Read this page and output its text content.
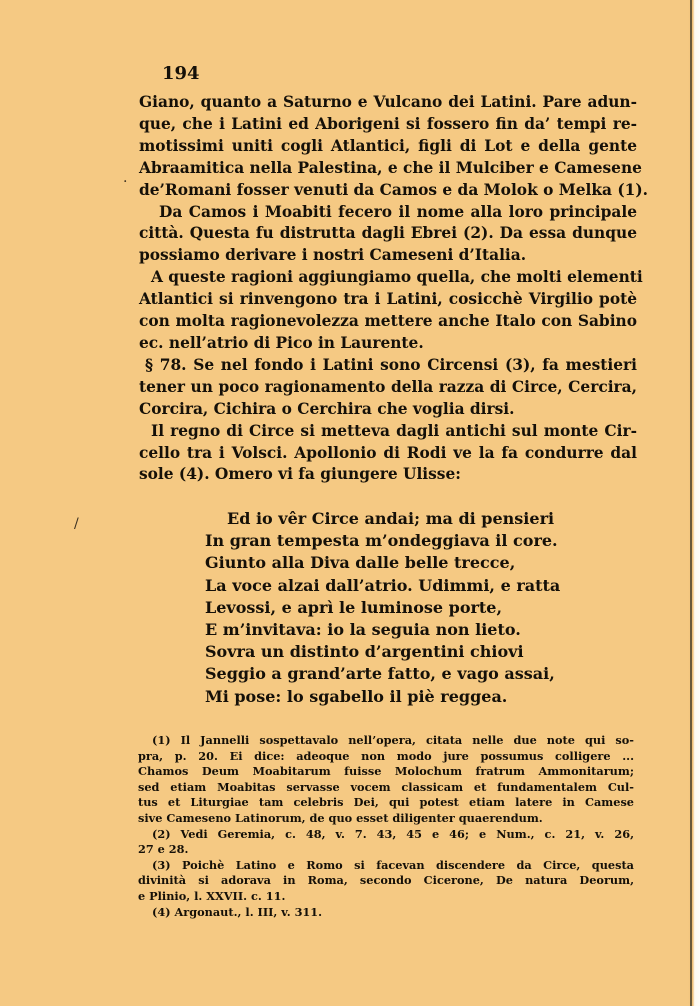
/
.
194
Giano, quanto a Saturno e Vulcano dei Latini. Pare adun-
que, che i Latini ed Aborigeni si fossero fin da’ tempi re-
motissimi uniti cogli Atlantici, figli di Lot e della gente
Abraamitica nella Palestina, e che il Mulciber e Camesene
de’Romani fosser venuti da Camos e da Molok o Melka (1).
Da Camos i Moabiti fecero il nome alla loro principale
città. Questa fu distrutta dagli Ebrei (2). Da essa dunque
possiamo derivare i nostri Cameseni d’Italia.
A queste ragioni aggiungiamo quella, che molti elementi
Atlantici si rinvengono tra i Latini, cosicchè Virgilio potè
con molta ragionevolezza mettere anche Italo con Sabino
ec. nell’atrio di Pico in Laurente.
§ 78. Se nel fondo i Latini sono Circensi (3), fa mestieri
tener un poco ragionamento della razza di Circe, Cercira,
Corcira, Cichira o Cerchira che voglia dirsi.
Il regno di Circe si metteva dagli antichi sul monte Cir-
cello tra i Volsci. Apollonio di Rodi ve la fa condurre dal
sole (4). Omero vi fa giungere Ulisse:
Ed io vêr Circe andai; ma di pensieri
In gran tempesta m’ondeggiava il core.
Giunto alla Diva dalle belle trecce,
La voce alzai dall’atrio. Udimmi, e ratta
Levossi, e aprì le luminose porte,
E m’invitava: io la seguia non lieto.
Sovra un distinto d’argentini chiovi
Seggio a grand’arte fatto, e vago assai,
Mi pose: lo sgabello il piè reggea.
(1) Il Jannelli sospettavalo nell’opera, citata nelle due note qui so-
pra, p. 20. Ei dice: adeoque non modo jure possumus colligere ...
Chamos Deum Moabitarum fuisse Molochum fratrum Ammonitarum;
sed etiam Moabitas servasse vocem classicam et fundamentalem Cul-
tus et Liturgiae tam celebris Dei, qui potest etiam latere in Camese
sive Cameseno Latinorum, de quo esset diligenter quaerendum.
(2) Vedi Geremia, c. 48, v. 7. 43, 45 e 46; e Num., c. 21, v. 26,
27 e 28.
(3) Poichè Latino e Romo si facevan discendere da Circe, questa
divinità si adorava in Roma, secondo Cicerone, De natura Deorum,
e Plinio, l. XXVII. c. 11.
(4) Argonaut., l. III, v. 311.
